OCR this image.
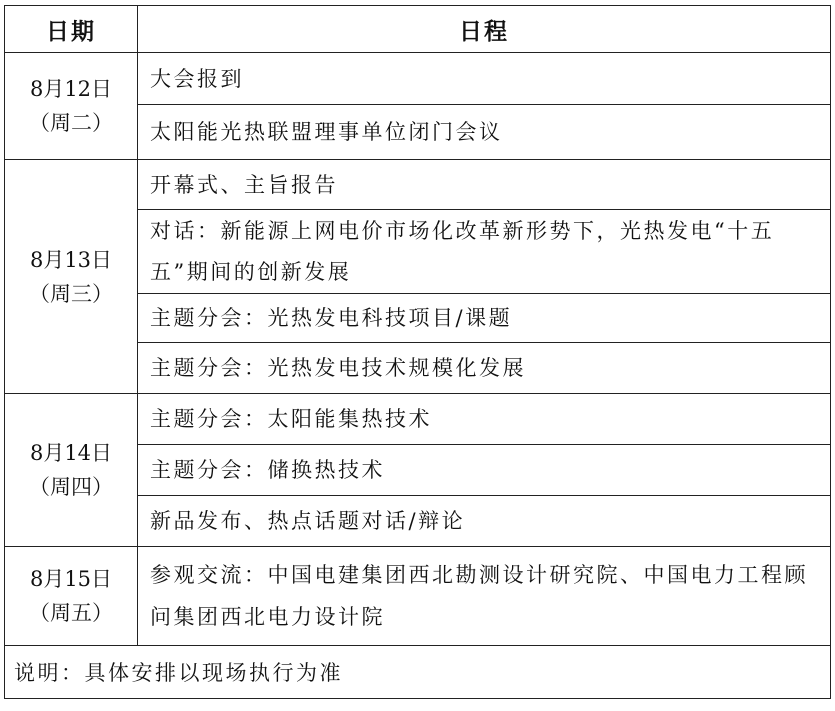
日期	日程

8月12日
（周二）	大会报到
	太阳能光热联盟理事单位闭门会议

8月13日
（周三）	开幕式、主旨报告
	对话：新能源上网电价市场化改革新形势下，光热发电“十五五”期间的创新发展
	主题分会：光热发电科技项目/课题
	主题分会：光热发电技术规模化发展

8月14日
（周四）	主题分会：太阳能集热技术
	主题分会：储换热技术
	新品发布、热点话题对话/辩论

8月15日
（周五）	参观交流：中国电建集团西北勘测设计研究院、中国电力工程顾问集团西北电力设计院
说明：具体安排以现场执行为准	
